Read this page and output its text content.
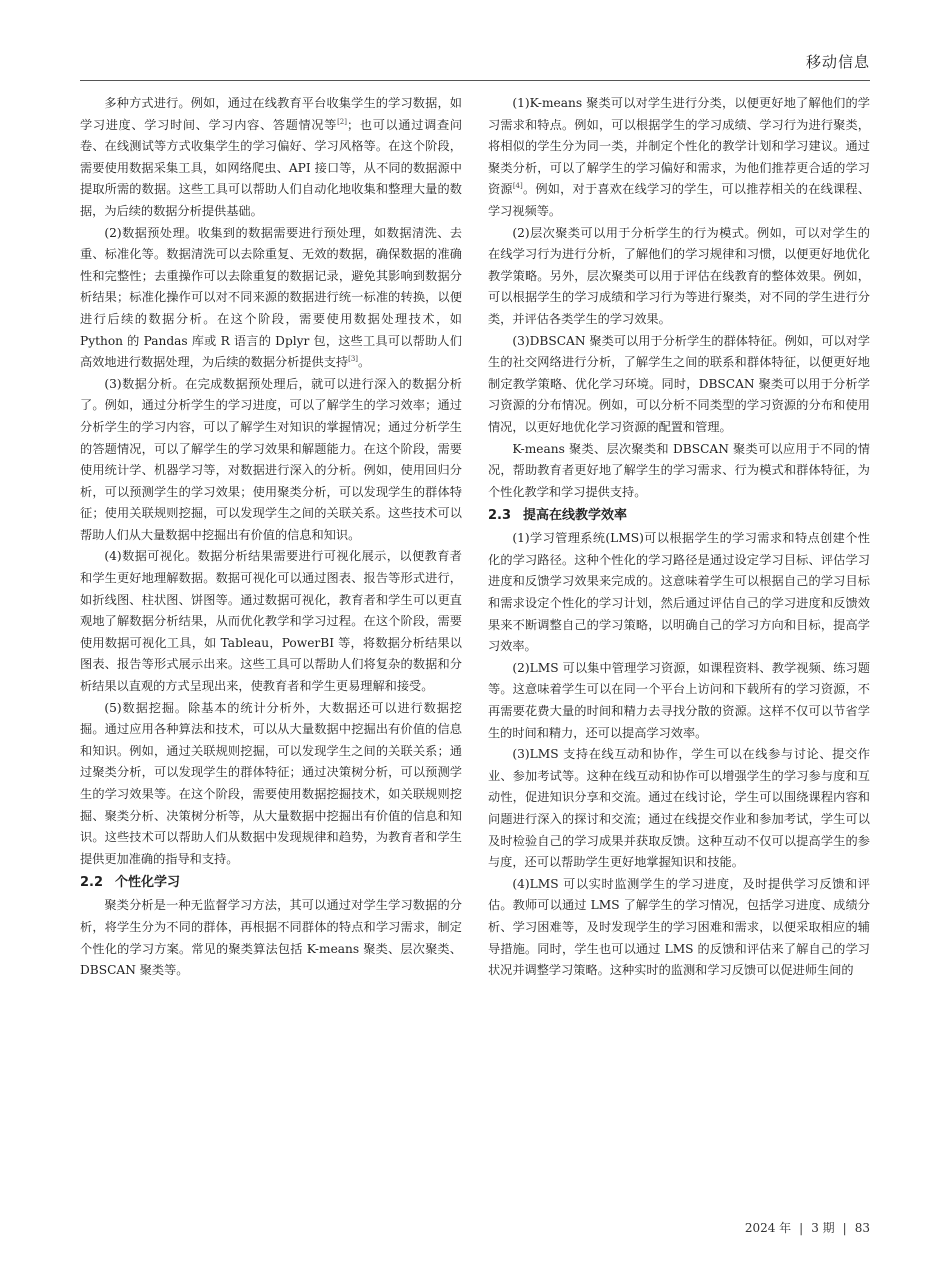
移动信息

多种方式进行。例如，通过在线教育平台收集学生的学习数据，如学习进度、学习时间、学习内容、答题情况等[2]；也可以通过调查问卷、在线测试等方式收集学生的学习偏好、学习风格等。在这个阶段，需要使用数据采集工具，如网络爬虫、API 接口等，从不同的数据源中提取所需的数据。这些工具可以帮助人们自动化地收集和整理大量的数据，为后续的数据分析提供基础。

(2)数据预处理。收集到的数据需要进行预处理，如数据清洗、去重、标准化等。数据清洗可以去除重复、无效的数据，确保数据的准确性和完整性；去重操作可以去除重复的数据记录，避免其影响到数据分析结果；标准化操作可以对不同来源的数据进行统一标准的转换，以便进行后续的数据分析。在这个阶段，需要使用数据处理技术，如 Python 的 Pandas 库或 R 语言的 Dplyr 包，这些工具可以帮助人们高效地进行数据处理，为后续的数据分析提供支持[3]。

(3)数据分析。在完成数据预处理后，就可以进行深入的数据分析了。例如，通过分析学生的学习进度，可以了解学生的学习效率；通过分析学生的学习内容，可以了解学生对知识的掌握情况；通过分析学生的答题情况，可以了解学生的学习效果和解题能力。在这个阶段，需要使用统计学、机器学习等，对数据进行深入的分析。例如，使用回归分析，可以预测学生的学习效果；使用聚类分析，可以发现学生的群体特征；使用关联规则挖掘，可以发现学生之间的关联关系。这些技术可以帮助人们从大量数据中挖掘出有价值的信息和知识。

(4)数据可视化。数据分析结果需要进行可视化展示，以便教育者和学生更好地理解数据。数据可视化可以通过图表、报告等形式进行，如折线图、柱状图、饼图等。通过数据可视化，教育者和学生可以更直观地了解数据分析结果，从而优化教学和学习过程。在这个阶段，需要使用数据可视化工具，如 Tableau，PowerBI 等，将数据分析结果以图表、报告等形式展示出来。这些工具可以帮助人们将复杂的数据和分析结果以直观的方式呈现出来，使教育者和学生更易理解和接受。

(5)数据挖掘。除基本的统计分析外，大数据还可以进行数据挖掘。通过应用各种算法和技术，可以从大量数据中挖掘出有价值的信息和知识。例如，通过关联规则挖掘，可以发现学生之间的关联关系；通过聚类分析，可以发现学生的群体特征；通过决策树分析，可以预测学生的学习效果等。在这个阶段，需要使用数据挖掘技术，如关联规则挖掘、聚类分析、决策树分析等，从大量数据中挖掘出有价值的信息和知识。这些技术可以帮助人们从数据中发现规律和趋势，为教育者和学生提供更加准确的指导和支持。

2.2 个性化学习

聚类分析是一种无监督学习方法，其可以通过对学生学习数据的分析，将学生分为不同的群体，再根据不同群体的特点和学习需求，制定个性化的学习方案。常见的聚类算法包括 K-means 聚类、层次聚类、DBSCAN 聚类等。

(1)K-means 聚类可以对学生进行分类，以便更好地了解他们的学习需求和特点。例如，可以根据学生的学习成绩、学习行为进行聚类，将相似的学生分为同一类，并制定个性化的教学计划和学习建议。通过聚类分析，可以了解学生的学习偏好和需求，为他们推荐更合适的学习资源[4]。例如，对于喜欢在线学习的学生，可以推荐相关的在线课程、学习视频等。

(2)层次聚类可以用于分析学生的行为模式。例如，可以对学生的在线学习行为进行分析，了解他们的学习规律和习惯，以便更好地优化教学策略。另外，层次聚类可以用于评估在线教育的整体效果。例如，可以根据学生的学习成绩和学习行为等进行聚类，对不同的学生进行分类，并评估各类学生的学习效果。

(3)DBSCAN 聚类可以用于分析学生的群体特征。例如，可以对学生的社交网络进行分析，了解学生之间的联系和群体特征，以便更好地制定教学策略、优化学习环境。同时，DBSCAN 聚类可以用于分析学习资源的分布情况。例如，可以分析不同类型的学习资源的分布和使用情况，以更好地优化学习资源的配置和管理。

K-means 聚类、层次聚类和 DBSCAN 聚类可以应用于不同的情况，帮助教育者更好地了解学生的学习需求、行为模式和群体特征，为个性化教学和学习提供支持。

2.3 提高在线教学效率

(1)学习管理系统(LMS)可以根据学生的学习需求和特点创建个性化的学习路径。这种个性化的学习路径是通过设定学习目标、评估学习进度和反馈学习效果来完成的。这意味着学生可以根据自己的学习目标和需求设定个性化的学习计划，然后通过评估自己的学习进度和反馈效果来不断调整自己的学习策略，以明确自己的学习方向和目标，提高学习效率。

(2)LMS 可以集中管理学习资源，如课程资料、教学视频、练习题等。这意味着学生可以在同一个平台上访问和下载所有的学习资源，不再需要花费大量的时间和精力去寻找分散的资源。这样不仅可以节省学生的时间和精力，还可以提高学习效率。

(3)LMS 支持在线互动和协作，学生可以在线参与讨论、提交作业、参加考试等。这种在线互动和协作可以增强学生的学习参与度和互动性，促进知识分享和交流。通过在线讨论，学生可以围绕课程内容和问题进行深入的探讨和交流；通过在线提交作业和参加考试，学生可以及时检验自己的学习成果并获取反馈。这种互动不仅可以提高学生的参与度，还可以帮助学生更好地掌握知识和技能。

(4)LMS 可以实时监测学生的学习进度，及时提供学习反馈和评估。教师可以通过 LMS 了解学生的学习情况，包括学习进度、成绩分析、学习困难等，及时发现学生的学习困难和需求，以便采取相应的辅导措施。同时，学生也可以通过 LMS 的反馈和评估来了解自己的学习状况并调整学习策略。这种实时的监测和学习反馈可以促进师生间的

2024 年 | 3 期 | 83
